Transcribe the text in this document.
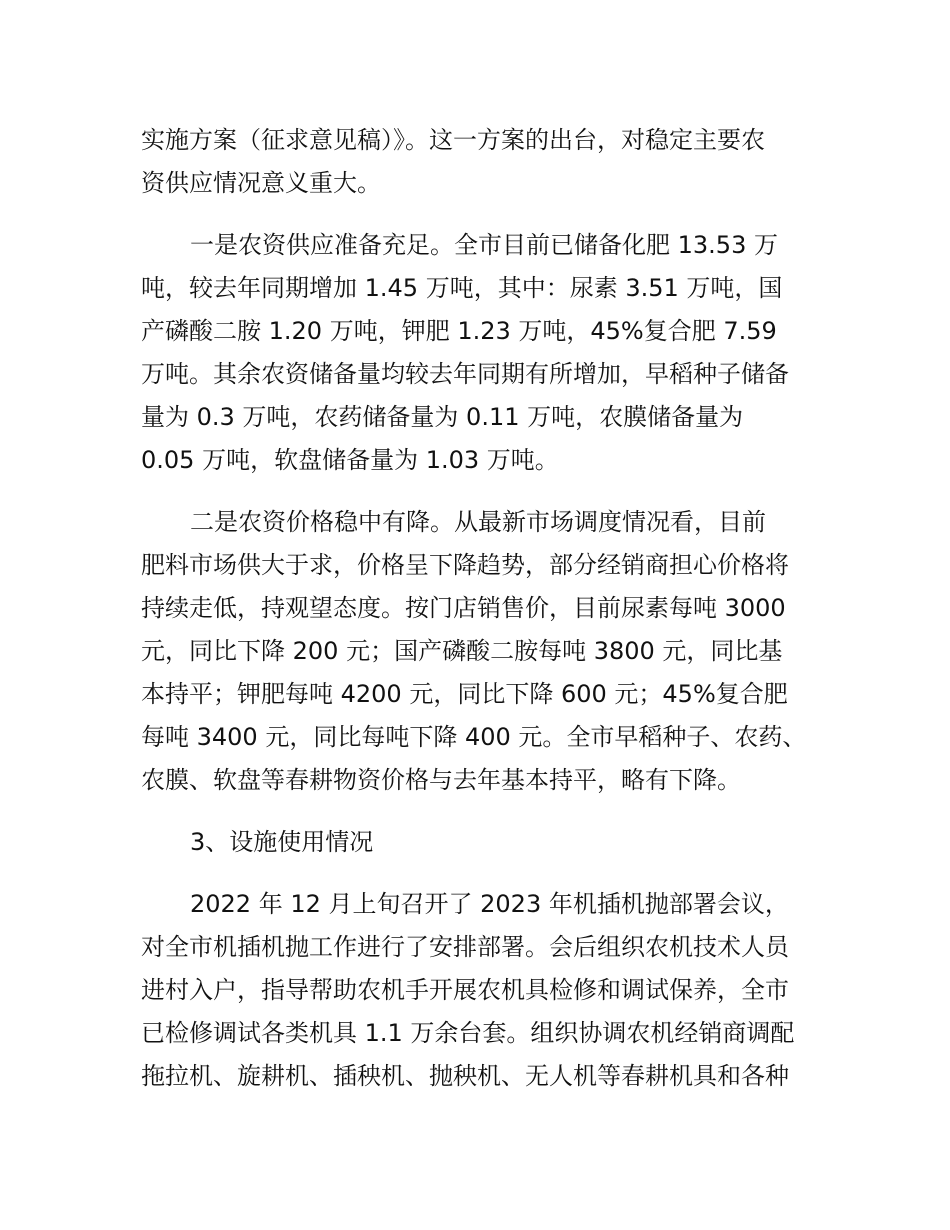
实施方案（征求意见稿）》。这一方案的出台，对稳定主要农

资供应情况意义重大。

一是农资供应准备充足。全市目前已储备化肥 13.53 万

吨，较去年同期增加 1.45 万吨，其中：尿素 3.51 万吨，国

产磷酸二胺 1.20 万吨，钾肥 1.23 万吨，45%复合肥 7.59

万吨。其余农资储备量均较去年同期有所增加，早稻种子储备

量为 0.3 万吨，农药储备量为 0.11 万吨，农膜储备量为

0.05 万吨，软盘储备量为 1.03 万吨。

二是农资价格稳中有降。从最新市场调度情况看，目前

肥料市场供大于求，价格呈下降趋势，部分经销商担心价格将

持续走低，持观望态度。按门店销售价，目前尿素每吨 3000

元，同比下降 200 元；国产磷酸二胺每吨 3800 元，同比基

本持平；钾肥每吨 4200 元，同比下降 600 元；45%复合肥

每吨 3400 元，同比每吨下降 400 元。全市早稻种子、农药、

农膜、软盘等春耕物资价格与去年基本持平，略有下降。

3、设施使用情况

2022 年 12 月上旬召开了 2023 年机插机抛部署会议，

对全市机插机抛工作进行了安排部署。会后组织农机技术人员

进村入户，指导帮助农机手开展农机具检修和调试保养，全市

已检修调试各类机具 1.1 万余台套。组织协调农机经销商调配

拖拉机、旋耕机、插秧机、抛秧机、无人机等春耕机具和各种
